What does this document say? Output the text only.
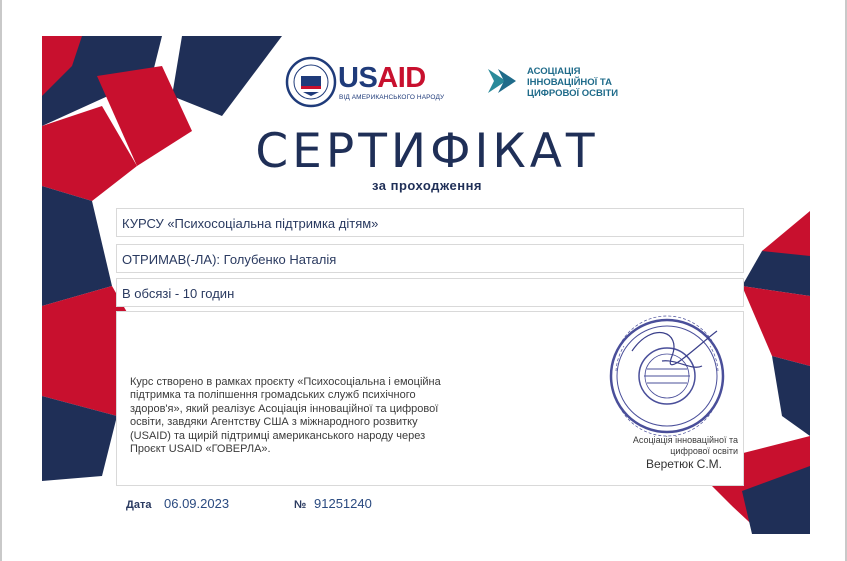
USAID
ВІД АМЕРИКАНСЬКОГО НАРОДУ
АСОЦІАЦІЯ
ІННОВАЦІЙНОЇ ТА
ЦИФРОВОЇ ОСВІТИ
СЕРТИФІКАТ
за проходження
КУРСУ «Психосоціальна підтримка дітям»
ОТРИМАВ(-ЛА): Голубенко Наталія
В обсязі - 10 годин
Курс створено в рамках проєкту «Психосоціальна і емоційна підтримка та поліпшення громадських служб психічного здоров'я», який реалізує Асоціація інноваційної та цифрової освіти, завдяки Агентству США з міжнародного розвитку (USAID) та щирій підтримці американського народу через Проєкт USAID «ГОВЕРЛА».
Асоціація інноваційної та цифрової освіти
Веретюк С.М.
Дата 06.09.2023	№ 91251240
